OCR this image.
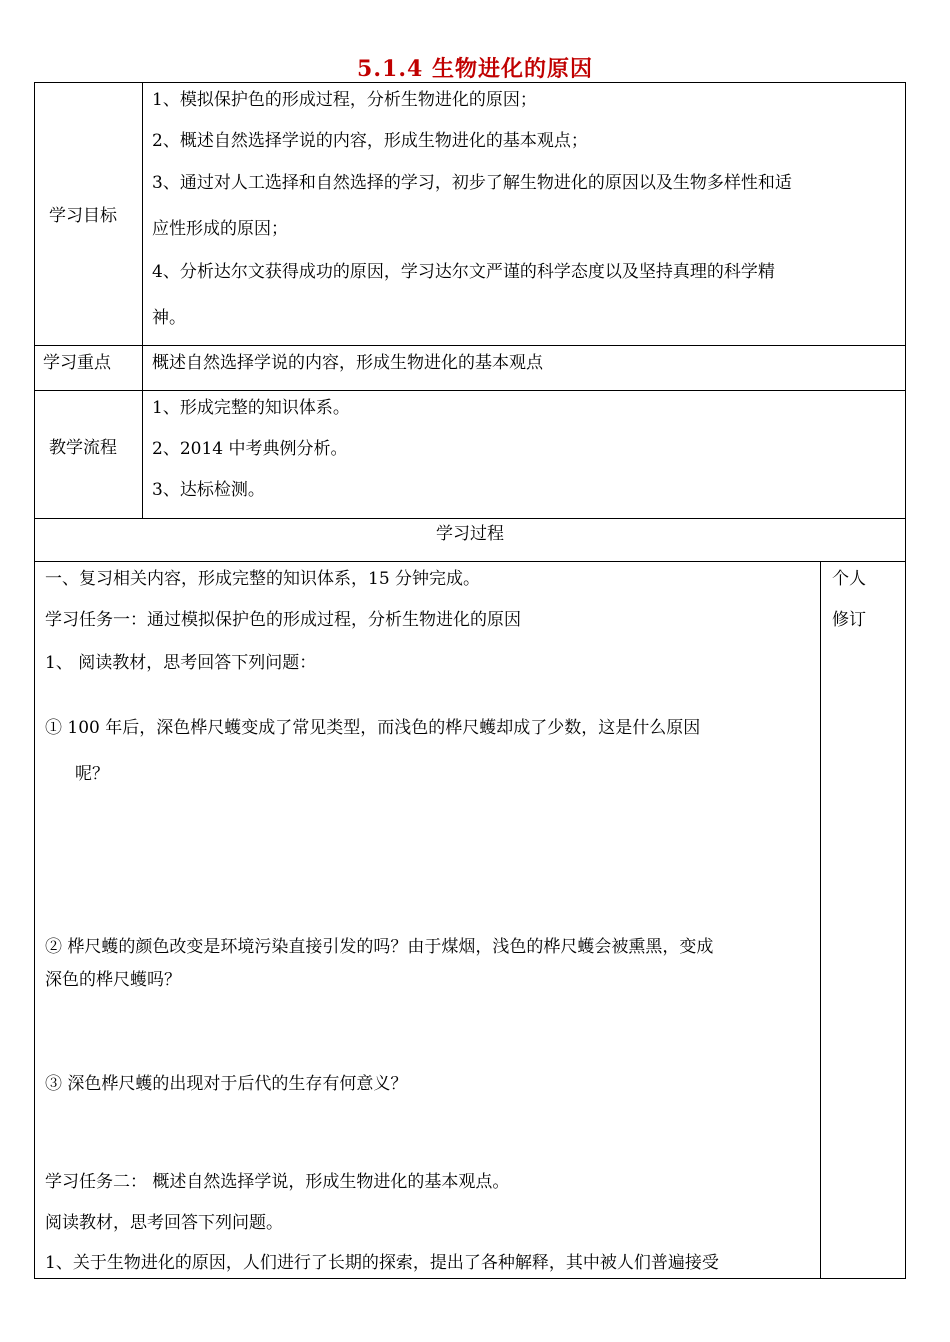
5.1.4 生物进化的原因
学习目标
1、模拟保护色的形成过程，分析生物进化的原因；
2、概述自然选择学说的内容，形成生物进化的基本观点；
3、通过对人工选择和自然选择的学习，初步了解生物进化的原因以及生物多样性和适
应性形成的原因；
4、分析达尔文获得成功的原因，学习达尔文严谨的科学态度以及坚持真理的科学精
神。
学习重点 概述自然选择学说的内容，形成生物进化的基本观点
教学流程
1、形成完整的知识体系。
2、2014 中考典例分析。
3、达标检测。
学习过程
一、复习相关内容，形成完整的知识体系，15 分钟完成。
学习任务一：通过模拟保护色的形成过程，分析生物进化的原因
1、 阅读教材，思考回答下列问题：
① 100 年后，深色桦尺蠖变成了常见类型，而浅色的桦尺蠖却成了少数，这是什么原因
呢？
② 桦尺蠖的颜色改变是环境污染直接引发的吗？由于煤烟，浅色的桦尺蠖会被熏黑，变成
深色的桦尺蠖吗？
③ 深色桦尺蠖的出现对于后代的生存有何意义？
学习任务二： 概述自然选择学说，形成生物进化的基本观点。
阅读教材，思考回答下列问题。
1、关于生物进化的原因，人们进行了长期的探索，提出了各种解释，其中被人们普遍接受
个人
修订
